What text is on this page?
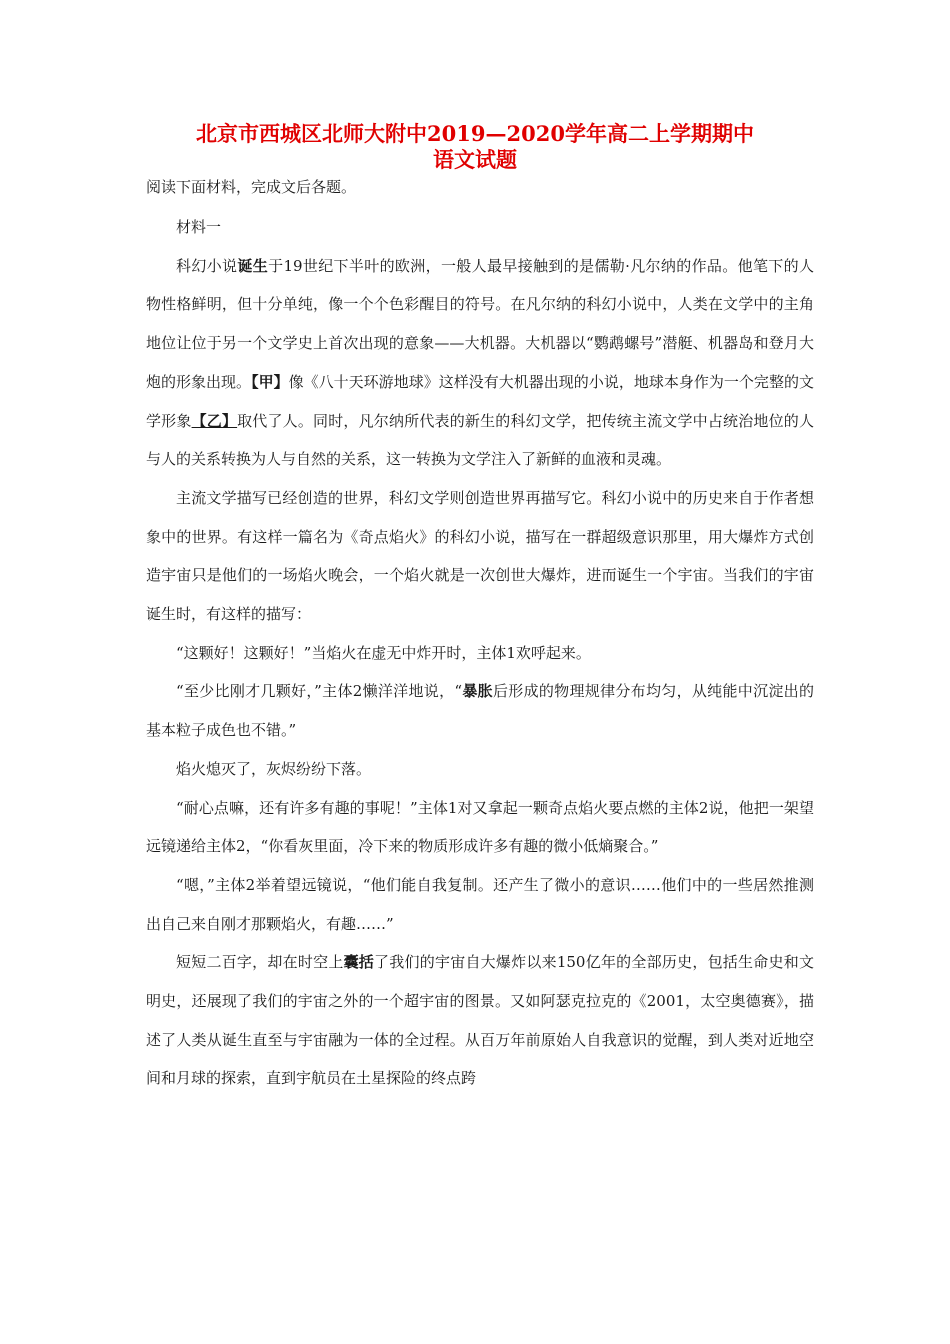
北京市西城区北师大附中2019—2020学年高二上学期期中
语文试题

阅读下面材料，完成文后各题。

材料一

科幻小说诞生于19世纪下半叶的欧洲，一般人最早接触到的是儒勒·凡尔纳的作品。他笔下的人物性格鲜明，但十分单纯，像一个个色彩醒目的符号。在凡尔纳的科幻小说中，人类在文学中的主角地位让位于另一个文学史上首次出现的意象——大机器。大机器以“鹦鹉螺号”潜艇、机器岛和登月大炮的形象出现。【甲】像《八十天环游地球》这样没有大机器出现的小说，地球本身作为一个完整的文学形象【乙】取代了人。同时，凡尔纳所代表的新生的科幻文学，把传统主流文学中占统治地位的人与人的关系转换为人与自然的关系，这一转换为文学注入了新鲜的血液和灵魂。

主流文学描写已经创造的世界，科幻文学则创造世界再描写它。科幻小说中的历史来自于作者想象中的世界。有这样一篇名为《奇点焰火》的科幻小说，描写在一群超级意识那里，用大爆炸方式创造宇宙只是他们的一场焰火晚会，一个焰火就是一次创世大爆炸，进而诞生一个宇宙。当我们的宇宙诞生时，有这样的描写：

“这颗好！这颗好！”当焰火在虚无中炸开时，主体1欢呼起来。

“至少比刚才几颗好，”主体2懒洋洋地说，“暴胀后形成的物理规律分布均匀，从纯能中沉淀出的基本粒子成色也不错。”

焰火熄灭了，灰烬纷纷下落。

“耐心点嘛，还有许多有趣的事呢！”主体1对又拿起一颗奇点焰火要点燃的主体2说，他把一架望远镜递给主体2，“你看灰里面，冷下来的物质形成许多有趣的微小低熵聚合。”

“嗯，”主体2举着望远镜说，“他们能自我复制。还产生了微小的意识……他们中的一些居然推测出自己来自刚才那颗焰火，有趣……”

短短二百字，却在时空上囊括了我们的宇宙自大爆炸以来150亿年的全部历史，包括生命史和文明史，还展现了我们的宇宙之外的一个超宇宙的图景。又如阿瑟克拉克的《2001，太空奥德赛》，描述了人类从诞生直至与宇宙融为一体的全过程。从百万年前原始人自我意识的觉醒，到人类对近地空间和月球的探索，直到宇航员在土星探险的终点跨
